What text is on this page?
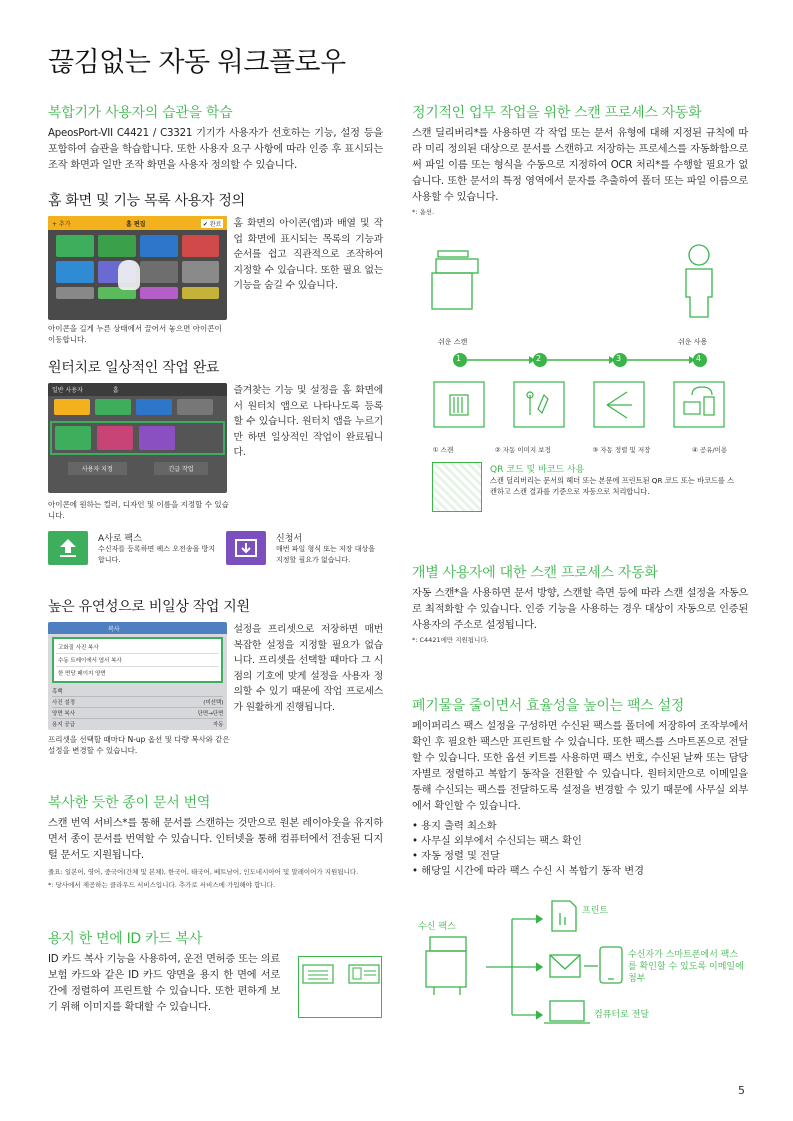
끊김없는 자동 워크플로우
복합기가 사용자의 습관을 학습
ApeosPort-VII C4421 / C3321 기기가 사용자가 선호하는 기능, 설정 등을 포함하여 습관을 학습합니다. 또한 사용자 요구 사항에 따라 인증 후 표시되는 조작 화면과 일반 조작 화면을 사용자 정의할 수 있습니다.
홈 화면 및 기능 목록 사용자 정의
+ 추가	홈 편집	✔ 완료 홈 화면의 아이콘(앱)과 배열 및 작업 화면에 표시되는 목록의 기능과 순서를 쉽고 직관적으로 조작하여 지정할 수 있습니다. 또한 필요 없는 기능을 숨길 수 있습니다.
아이콘을 길게 누른 상태에서 끌어서 놓으면 아이콘이 이동합니다.
원터치로 일상적인 작업 완료
일반 사용자	홈
사용자 지정	긴급 작업
즐겨찾는 기능 및 설정을 홈 화면에서 원터치 앱으로 나타나도록 등록할 수 있습니다. 원터치 앱을 누르기만 하면 일상적인 작업이 완료됩니다.
아이콘에 원하는 컬러, 디자인 및 이름을 지정할 수 있습니다.
A사로 팩스
수신자를 등록하면 팩스 오전송을 방지합니다.
신청서
매번 파일 형식 또는 저장 대상을 지정할 필요가 없습니다.
높은 유연성으로 비일상 작업 지원
복사
고화질 사진 복사
수동 트레이에서 엽서 복사
한 면당 페이지 양면
흑백
사진 설정	(미선택)
양면 복사	단면→단면
용지 공급	자동
설정을 프리셋으로 저장하면 매번 복잡한 설정을 지정할 필요가 없습니다. 프리셋을 선택할 때마다 그 시점의 기호에 맞게 설정을 사용자 정의할 수 있기 때문에 작업 프로세스가 원활하게 진행됩니다.
프리셋을 선택할 때마다 N-up 옵션 및 다량 복사와 같은 설정을 변경할 수 있습니다.
복사한 듯한 종이 문서 번역
스캔 번역 서비스*를 통해 문서를 스캔하는 것만으로 원본 레이아웃을 유지하면서 종이 문서를 번역할 수 있습니다. 인터넷을 통해 컴퓨터에서 전송된 디지털 문서도 지원됩니다.
줄요: 일본어, 영어, 중국어(간체 및 본체), 한국어, 태국어, 베트남어, 인도네시아어 및 말레이어가 지원됩니다.
*: 당사에서 제공하는 클라우드 서비스입니다. 추가로 서비스에 가입해야 합니다.
용지 한 면에 ID 카드 복사
ID 카드 복사 기능을 사용하여, 운전 면허증 또는 의료 보험 카드와 같은 ID 카드 양면을 용지 한 면에 서로 간에 정렬하여 프린트할 수 있습니다. 또한 편하게 보기 위해 이미지를 확대할 수 있습니다.
정기적인 업무 작업을 위한 스캔 프로세스 자동화
스캔 딜리버리*를 사용하면 각 작업 또는 문서 유형에 대해 지정된 규칙에 따라 미리 정의된 대상으로 문서를 스캔하고 저장하는 프로세스를 자동화함으로써 파일 이름 또는 형식을 수동으로 지정하여 OCR 처리*를 수행할 필요가 없습니다. 또한 문서의 특정 영역에서 문자를 추출하여 폴더 또는 파일 이름으로 사용할 수 있습니다.
*: 옵션.
쉬운 스캔	쉬운 사용
1	2	3	4
① 스캔	② 자동 이미지 보정	③ 자동 정렬 및 저장	④ 공유/이용
QR 코드 및 바코드 사용
스캔 딜리버리는 문서의 헤더 또는 본문에 프린트된 QR 코드 또는 바코드를 스캔하고 스캔 결과를 기준으로 자동으로 처리합니다.
개별 사용자에 대한 스캔 프로세스 자동화
자동 스캔*을 사용하면 문서 방향, 스캔할 측면 등에 따라 스캔 설정을 자동으로 최적화할 수 있습니다. 인증 기능을 사용하는 경우 대상이 자동으로 인증된 사용자의 주소로 설정됩니다.
*: C4421에만 지원됩니다.
폐기물을 줄이면서 효율성을 높이는 팩스 설정
페이퍼리스 팩스 설정을 구성하면 수신된 팩스를 폴더에 저장하여 조작부에서 확인 후 필요한 팩스만 프린트할 수 있습니다. 또한 팩스를 스마트폰으로 전달할 수 있습니다. 또한 옵션 키트를 사용하면 팩스 번호, 수신된 날짜 또는 담당자별로 정렬하고 복합기 동작을 전환할 수 있습니다. 원터치만으로 이메일을 통해 수신되는 팩스를 전달하도록 설정을 변경할 수 있기 때문에 사무실 외부에서 확인할 수 있습니다.
• 용지 출력 최소화
• 사무실 외부에서 수신되는 팩스 확인
• 자동 정렬 및 전달
• 해당일 시간에 따라 팩스 수신 시 복합기 동작 변경
수신 팩스
프린트
수신자가 스마트폰에서 팩스를 확인할 수 있도록 이메일에 첨부
컴퓨터로 전달
5
